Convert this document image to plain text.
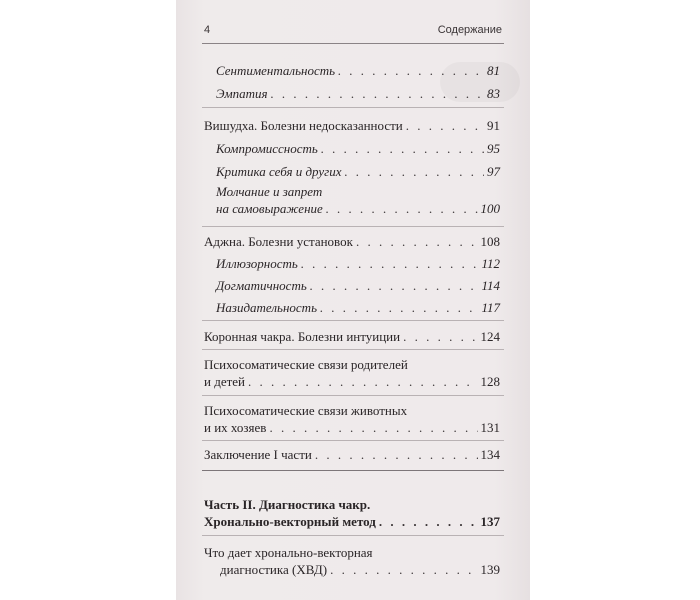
4	Содержание
Сентиментальность . . .	81
Эмпатия . . .	83
Вишудха. Болезни недосказанности . . .	91
Компромиссность . . .	95
Критика себя и других . . .	97
Молчание и запрет
на самовыражение . . .	100
Аджна. Болезни установок . . .	108
Иллюзорность . . .	112
Догматичность . . .	114
Назидательность . . .	117
Коронная чакра. Болезни интуиции . . .	124
Психосоматические связи родителей
и детей . . .	128
Психосоматические связи животных
и их хозяев . . .	131
Заключение I части . . .	134
Часть II. Диагностика чакр.
Хронально-векторный метод . . .	137
Что дает хронально-векторная
диагностика (ХВД) . . .	139
